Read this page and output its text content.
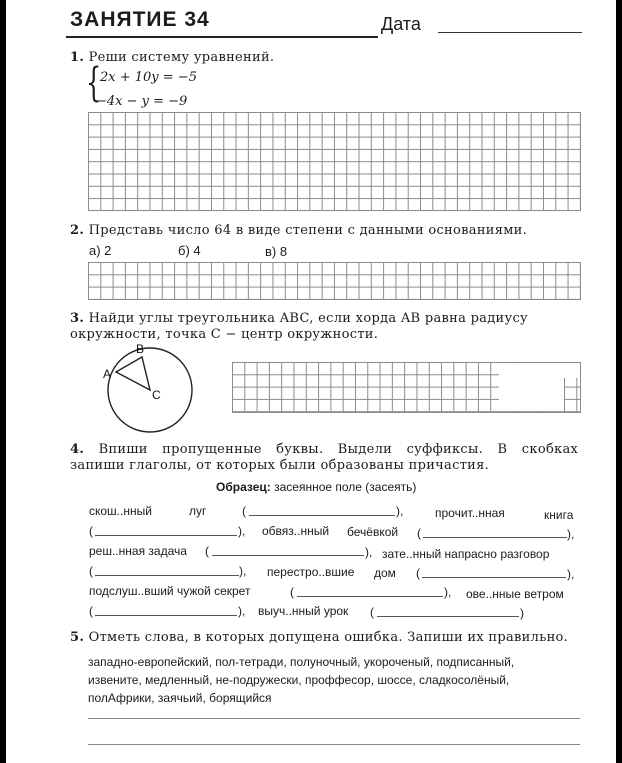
ЗАНЯТИЕ 34	Дата
1. Реши систему уравнений.
{
2x + 10y = −5
−4x − y = −9
2. Представь число 64 в виде степени с данными основаниями.
а) 2	б) 4	в) 8
3. Найди углы треугольника ABC, если хорда AB равна радиусу
окружности, точка C − центр окружности.
B
A
C
4. Впиши пропущенные буквы. Выдели суффиксы. В скобках
запиши глаголы, от которых были образованы причастия.
Образец: засеянное поле (засеять)
скош..нный	луг	(	),	прочит..нная	книга
(	), обвяз..нный бечёвкой (	),
реш..нная задача (	), зате..нный напрасно разговор
(	), перестро..вшие дом (	),
подслуш..вший чужой секрет	(	), ове..нные ветром
(	), выуч..нный урок (	)
5. Отметь слова, в которых допущена ошибка. Запиши их правильно.
западно-европейский, пол-тетради, полуночный, укороченый, подписанный,
извените, медленный, не-подружески, проффесор, шоссе, сладкосолёный,
полАфрики, заячьий, борящийся
